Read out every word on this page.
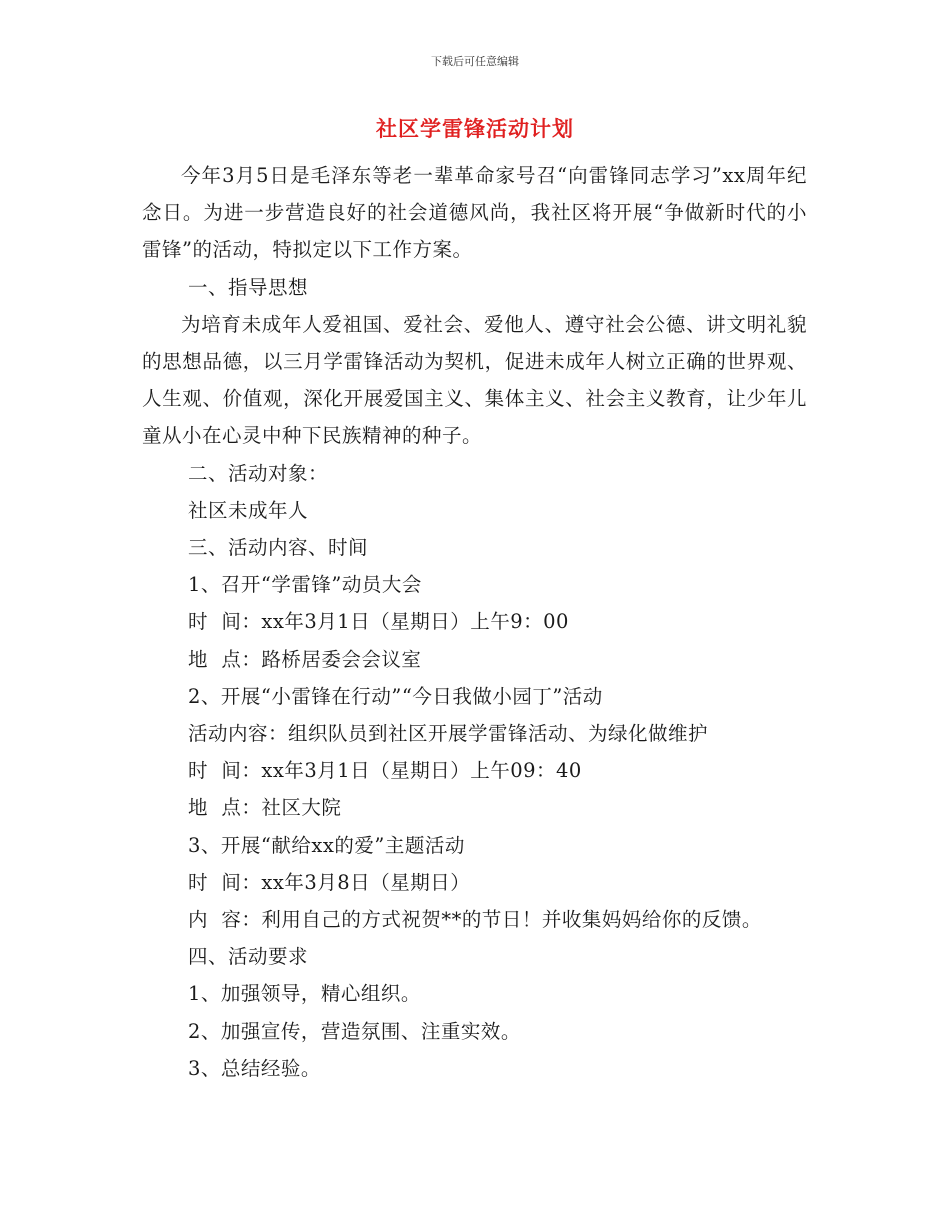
下载后可任意编辑
社区学雷锋活动计划

今年3月5日是毛泽东等老一辈革命家号召“向雷锋同志学习”xx周年纪念日。为进一步营造良好的社会道德风尚，我社区将开展“争做新时代的小雷锋”的活动，特拟定以下工作方案。

一、指导思想

为培育未成年人爱祖国、爱社会、爱他人、遵守社会公德、讲文明礼貌的思想品德，以三月学雷锋活动为契机，促进未成年人树立正确的世界观、人生观、价值观，深化开展爱国主义、集体主义、社会主义教育，让少年儿童从小在心灵中种下民族精神的种子。

二、活动对象：

社区未成年人

三、活动内容、时间

1、召开“学雷锋”动员大会

时  间：xx年3月1日（星期日）上午9：00

地  点：路桥居委会会议室

2、开展“小雷锋在行动”“今日我做小园丁”活动

活动内容：组织队员到社区开展学雷锋活动、为绿化做维护

时  间：xx年3月1日（星期日）上午09：40

地  点：社区大院

3、开展“献给xx的爱”主题活动

时  间：xx年3月8日（星期日）

内  容：利用自己的方式祝贺**的节日！并收集妈妈给你的反馈。

四、活动要求

1、加强领导，精心组织。

2、加强宣传，营造氛围、注重实效。

3、总结经验。
